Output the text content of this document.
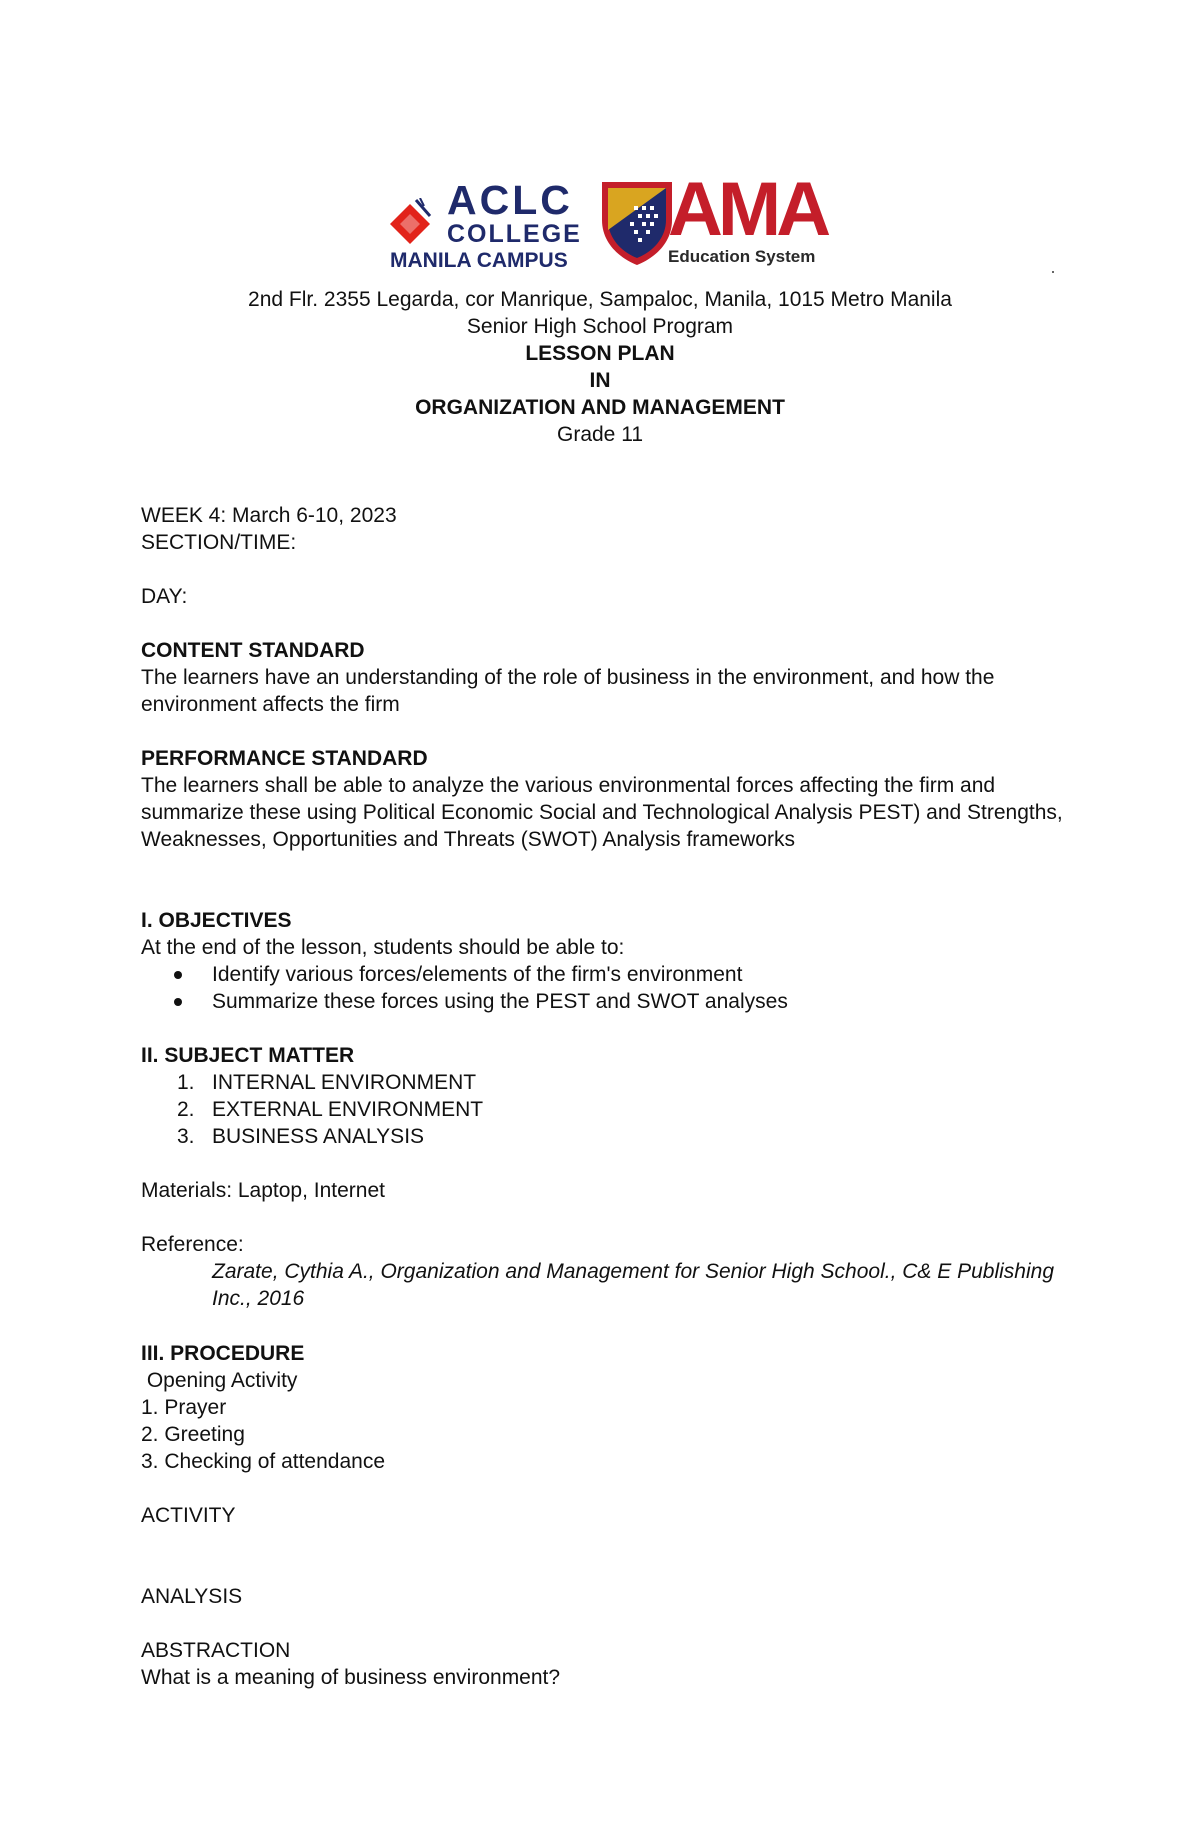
ACLC
COLLEGE
MANILA CAMPUS
AMA
Education System
2nd Flr. 2355 Legarda, cor Manrique, Sampaloc, Manila, 1015 Metro Manila
Senior High School Program
LESSON PLAN
IN
ORGANIZATION AND MANAGEMENT
Grade 11
WEEK 4: March 6-10, 2023
SECTION/TIME:
DAY:
CONTENT STANDARD
The learners have an understanding of the role of business in the environment, and how the environment affects the firm
PERFORMANCE STANDARD
The learners shall be able to analyze the various environmental forces affecting the firm and summarize these using Political Economic Social and Technological Analysis PEST) and Strengths, Weaknesses, Opportunities and Threats (SWOT) Analysis frameworks
I. OBJECTIVES
At the end of the lesson, students should be able to:
Identify various forces/elements of the firm's environment
Summarize these forces using the PEST and SWOT analyses
II. SUBJECT MATTER
1. INTERNAL ENVIRONMENT
2. EXTERNAL ENVIRONMENT
3. BUSINESS ANALYSIS
Materials: Laptop, Internet
Reference:
Zarate, Cythia A., Organization and Management for Senior High School., C& E Publishing Inc., 2016
III. PROCEDURE
Opening Activity
1. Prayer
2. Greeting
3. Checking of attendance
ACTIVITY
ANALYSIS
ABSTRACTION
What is a meaning of business environment?
